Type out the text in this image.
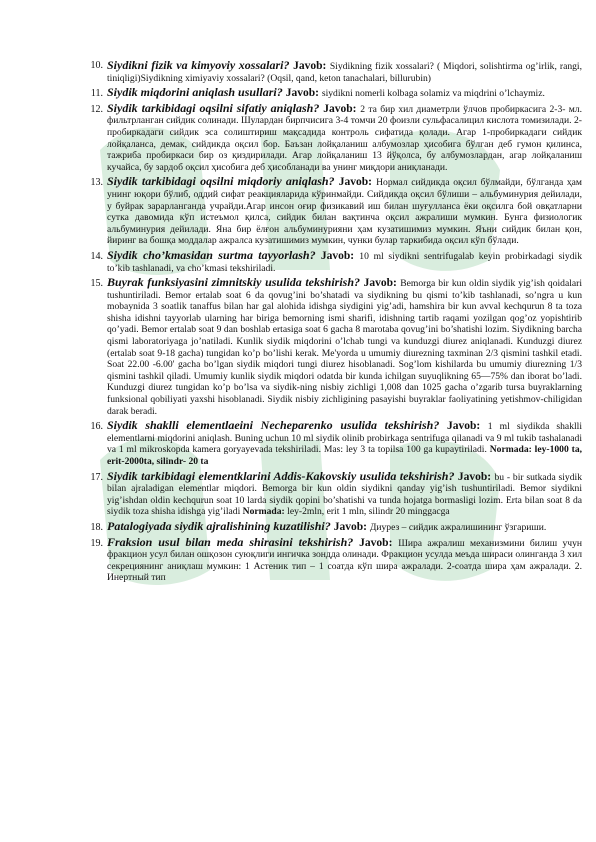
10. Siydikni fizik va kimyoviy xossalari? Javob: Siydikning fizik xossalari? ( Miqdori, solishtirma og’irlik, rangi, tiniqligi)Siydikning ximiyaviy xossalari? (Oqsil, qand, keton tanachalari, billurubin)
11. Siydik miqdorini aniqlash usullari? Javob: siydikni nomerli kolbaga solamiz va miqdrini o’lchaymiz.
12. Siydik tarkibidagi oqsilni sifatiy aniqlash? Javob: 2 та бир хил диаметрли ўлчов пробиркасига 2-3- мл. фильтрланган сийдик солинади. Шулардан бирпчисига 3-4 томчи 20 фоизли сульфасалицил кислота томизилади. 2-пробиркадаги сийдик эса солиштириш мақсадида контроль сифатида қолади. Агар 1-пробиркадаги сийдик лойқаланса, демак, сийдикда оқсил бор. Баъзан лойқаланиш албумозлар ҳисобига бўлган деб гумон қилинса, тажриба пробиркаси бир оз қиздирилади. Агар лойқаланиш 13 йўқолса, бу албумозлардан, агар лойқаланиш кучайса, бу зардоб оқсил ҳисобига деб ҳисобланади ва унинг миқдори аниқланади.
13. Siydik tarkibidagi oqsilni miqdoriy aniqlash? Javob: Нормал сийдикда оқсил бўлмайди, бўлганда ҳам унинг юқори бўлиб, оддий сифат реакцияларида кўринмайди. Сийдикда оқсил бўлиши – альбуминурия дейилади, у буйрак зарарланганда учрайди.Агар инсон оғир физикавий иш билан шуғулланса ёки оқсилга бой овқатларни сутка давомида кўп истеъмол қилса, сийдик билан вақтинча оқсил ажралиши мумкин. Бунга физиологик альбуминурия дейилади. Яна бир ёлғон альбуминурияни ҳам кузатишимиз мумкин. Яъни сийдик билан қон, йиринг ва бошқа моддалар ажралса кузатишимиз мумкин, чунки булар таркибида оқсил кўп бўлади.
14. Siydik cho’kmasidan surtma tayyorlash? Javob: 10 ml siydikni sentrifugalab keyin probirkadagi siydik to’kib tashlanadi, va cho’kmasi tekshiriladi.
15. Buyrak funksiyasini zimnitskiy usulida tekshirish? Javob: Bemorga bir kun oldin siydik yig’ish qoidalari tushuntiriladi. Bemor ertalab soat 6 da qovug’ini bo’shatadi va siydikning bu qismi to’kib tashlanadi, so’ngra u kun mobaynida 3 soatlik tanaffus bilan har gal alohida idishga siydigini yig’adi, hamshira bir kun avval kechqurun 8 ta toza shisha idishni tayyorlab ularning har biriga bemorning ismi sharifi, idishning tartib raqami yozilgan qog’oz yopishtirib qo’yadi. Bemor ertalab soat 9 dan boshlab ertasiga soat 6 gacha 8 marotaba qovug’ini bo’shatishi lozim. Siydikning barcha qismi laboratoriyaga jo’natiladi. Kunlik siydik miqdorini o’lchab tungi va kunduzgi diurez aniqlanadi. Kunduzgi diurez (ertalab soat 9-18 gacha) tungidan ko’p bo’lishi kerak. Me'yorda u umumiy diurezning taxminan 2/3 qismini tashkil etadi. Soat 22.00 -6.00' gacha bo’lgan siydik miqdori tungi diurez hisoblanadi. Sog’lom kishilarda bu umumiy diurezning 1/3 qismini tashkil qiladi. Umumiy kunlik siydik miqdori odatda bir kunda ichilgan suyuqlikning 65—75% dan iborat bo’ladi. Kunduzgi diurez tungidan ko’p bo’lsa va siydik-ning nisbiy zichligi 1,008 dan 1025 gacha o’zgarib tursa buyraklarning funksional qobiliyati yaxshi hisoblanadi. Siydik nisbiy zichligining pasayishi buyraklar faoliyatining yetishmov-chiligidan darak beradi.
16. Siydik shaklli elementlaeini Necheparenko usulida tekshirish? Javob: 1 ml siydikda shaklli elementlarni miqdorini aniqlash. Buning uchun 10 ml siydik olinib probirkaga sentrifuga qilanadi va 9 ml tukib tashalanadi va 1 ml mikroskopda kamera goryayevada tekshiriladi. Mas: ley 3 ta topilsa 100 ga kupaytiriladi. Normada: ley-1000 ta, erit-2000ta, silindr- 20 ta
17. Siydik tarkibidagi elementklarini Addis-Kakovskiy usulida tekshirish? Javob: bu - bir sutkada siydik bilan ajraladigan elementlar miqdori. Bemorga bir kun oldin siydikni qanday yig’ish tushuntiriladi. Bemor siydikni yig’ishdan oldin kechqurun soat 10 larda siydik qopini bo’shatishi va tunda hojatga bormasligi lozim. Erta bilan soat 8 da siydik toza shisha idishga yig’iladi Normada: ley-2mln, erit 1 mln, silindr 20 minggacga
18. Patalogiyada siydik ajralishining kuzatilishi? Javob: Диурез – сийдик ажралишининг ўзгариши.
19. Fraksion usul bilan meda shirasini tekshirish? Javob: Шира ажралиш механизмини билиш учун фракцион усул билан ошқозон суюқлиги ингичка зондда олинади. Фракцион усулда меъда ширaси олинганда 3 хил секрециянинг аниқлаш мумкин: 1 Астеник тип – 1 соатда кўп шира ажралади. 2-соатда шира ҳам ажралади. 2. Инертный тип
